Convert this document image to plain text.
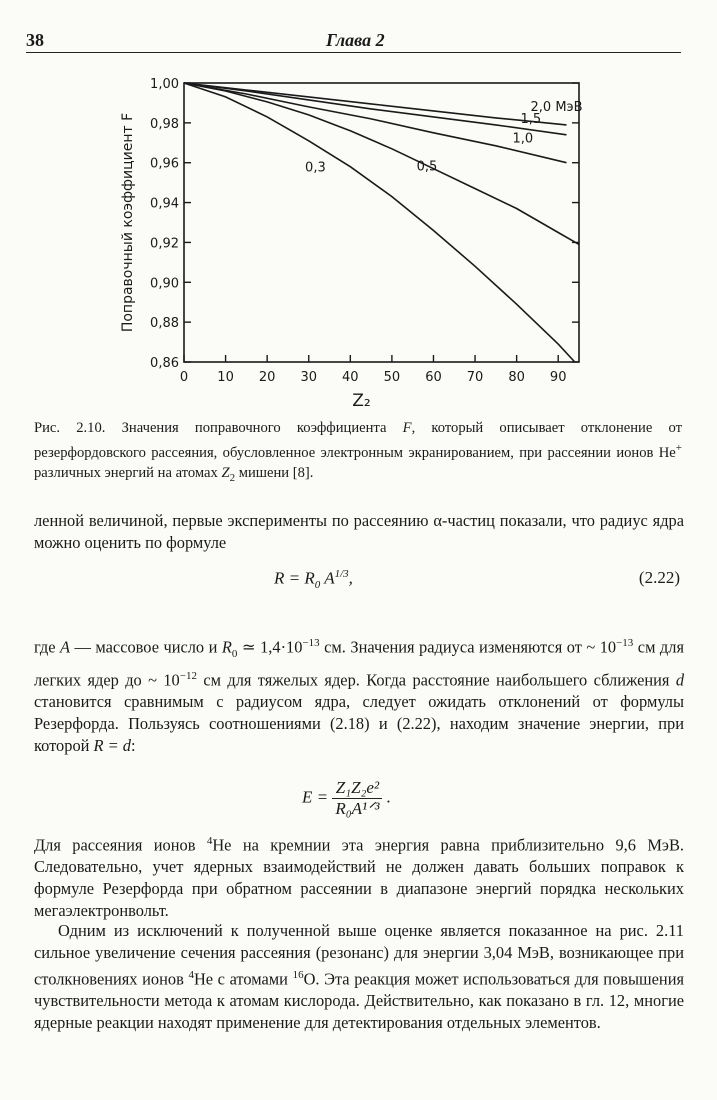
38	Глава 2
0,86
0,88
0,90
0,92
0,94
0,96
0,98
1,00
0 10 20 30 40 50 60 70 80 90
2,0 МэВ
1,5
1,0
0,5
0,3
Поправочный коэффициент F
Z₂
Рис. 2.10. Значения поправочного коэффициента F, который описывает отклонение от резерфордовского рассеяния, обусловленное электронным экранированием, при рассеянии ионов He+ различных энергий на атомах $Z_2$ мишени [8].
ленной величиной, первые эксперименты по рассеянию α-частиц показали, что радиус ядра можно оценить по формуле
$R = R_0$ $A^{1/3}$,	(2.22)
где A — массовое число и $R_0$ ≃ $1,4\cdot 10^{-13}$ см. Значения радиуса изменяются от ~ $10^{-13}$ см для легких ядер до ~ $10^{-12}$ см для тяжелых ядер. Когда расстояние наибольшего сближения d становится сравнимым с радиусом ядра, следует ожидать отклонений от формулы Резерфорда. Пользуясь соотношениями (2.18) и (2.22), находим значение энергии, при которой R = d:
$E = \frac{\text{Z₁Z₂e²}}{\text{R₀A¹ᐟ³}}$ .
Для рассеяния ионов $^4$He на кремнии эта энергия равна приблизительно 9,6 МэВ. Следовательно, учет ядерных взаимодействий не должен давать больших поправок к формуле Резерфорда при обратном рассеянии в диапазоне энергий порядка нескольких мегаэлектронвольт.
Одним из исключений к полученной выше оценке является показанное на рис. 2.11 сильное увеличение сечения рассеяния (резонанс) для энергии 3,04 МэВ, возникающее при столкновениях ионов $^4$He с атомами $^{16}$O. Эта реакция может использоваться для повышения чувствительности метода к атомам кислорода. Действительно, как показано в гл. 12, многие ядерные реакции находят применение для детектирования отдельных элементов.
